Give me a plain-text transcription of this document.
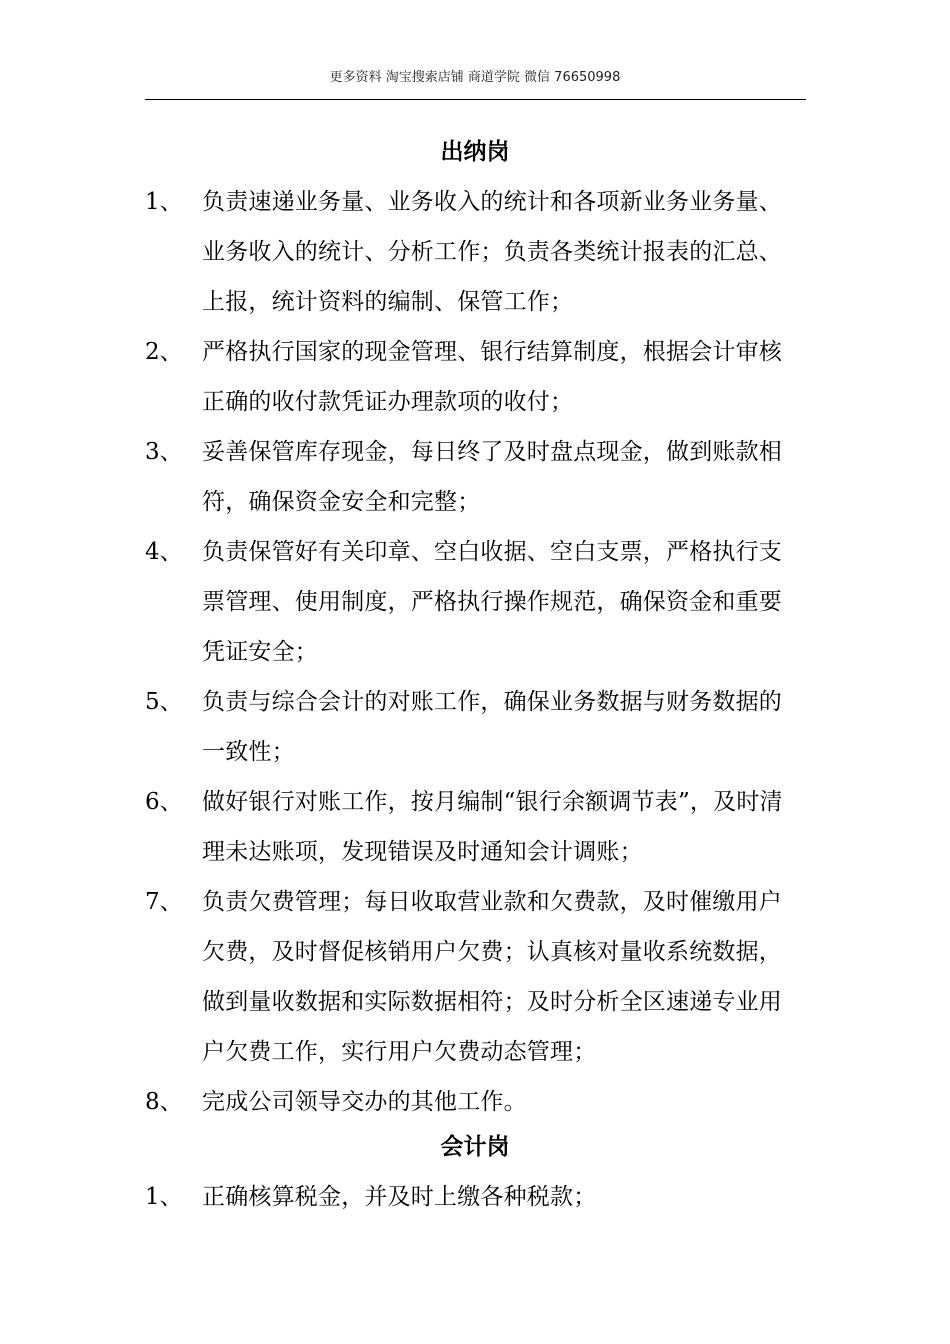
更多资料 淘宝搜索店铺 商道学院 微信 76650998
出纳岗
1、 负责速递业务量、业务收入的统计和各项新业务业务量、业务收入的统计、分析工作；负责各类统计报表的汇总、上报，统计资料的编制、保管工作；
2、 严格执行国家的现金管理、银行结算制度，根据会计审核正确的收付款凭证办理款项的收付；
3、 妥善保管库存现金，每日终了及时盘点现金，做到账款相符，确保资金安全和完整；
4、 负责保管好有关印章、空白收据、空白支票，严格执行支票管理、使用制度，严格执行操作规范，确保资金和重要凭证安全；
5、 负责与综合会计的对账工作，确保业务数据与财务数据的一致性；
6、 做好银行对账工作，按月编制“银行余额调节表”，及时清理未达账项，发现错误及时通知会计调账；
7、 负责欠费管理；每日收取营业款和欠费款，及时催缴用户欠费，及时督促核销用户欠费；认真核对量收系统数据，做到量收数据和实际数据相符；及时分析全区速递专业用户欠费工作，实行用户欠费动态管理；
8、 完成公司领导交办的其他工作。
会计岗
1、 正确核算税金，并及时上缴各种税款；
